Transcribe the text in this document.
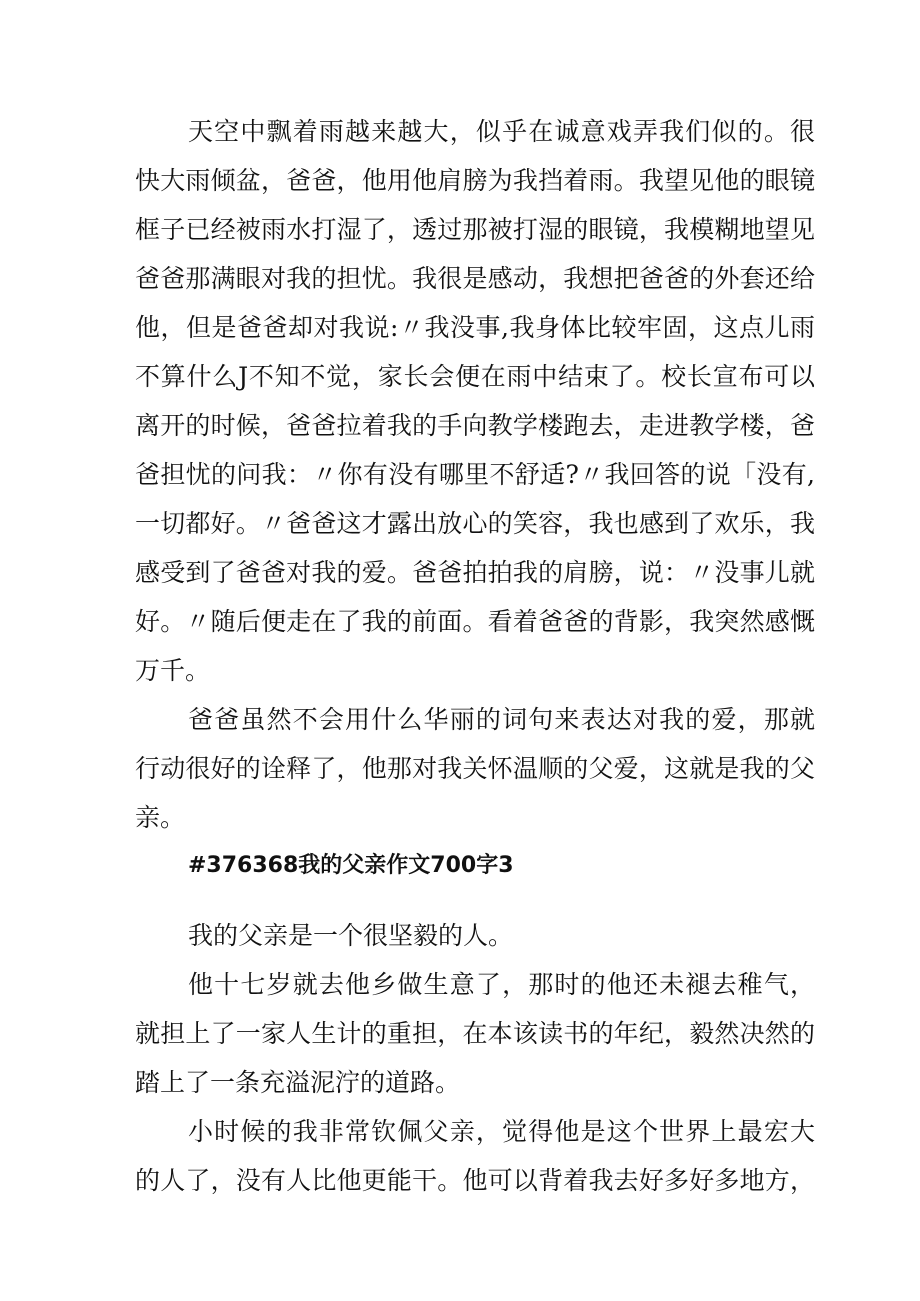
天空中飘着雨越来越大，似乎在诚意戏弄我们似的。很

快大雨倾盆，爸爸，他用他肩膀为我挡着雨。我望见他的眼镜

框子已经被雨水打湿了，透过那被打湿的眼镜，我模糊地望见

爸爸那满眼对我的担忧。我很是感动，我想把爸爸的外套还给

他，但是爸爸却对我说:〃我没事,我身体比较牢固，这点儿雨

不算什么J不知不觉，家长会便在雨中结束了。校长宣布可以

离开的时候，爸爸拉着我的手向教学楼跑去，走进教学楼，爸

爸担忧的问我：〃你有没有哪里不舒适?〃我回答的说「没有,

一切都好。〃爸爸这才露出放心的笑容，我也感到了欢乐，我

感受到了爸爸对我的爱。爸爸拍拍我的肩膀，说：〃没事儿就

好。〃随后便走在了我的前面。看着爸爸的背影，我突然感慨

万千。

爸爸虽然不会用什么华丽的词句来表达对我的爱，那就

行动很好的诠释了，他那对我关怀温顺的父爱，这就是我的父

亲。

#376368我的父亲作文700字3

我的父亲是一个很坚毅的人。

他十七岁就去他乡做生意了，那时的他还未褪去稚气，

就担上了一家人生计的重担，在本该读书的年纪，毅然决然的

踏上了一条充溢泥泞的道路。

小时候的我非常钦佩父亲，觉得他是这个世界上最宏大

的人了，没有人比他更能干。他可以背着我去好多好多地方，
